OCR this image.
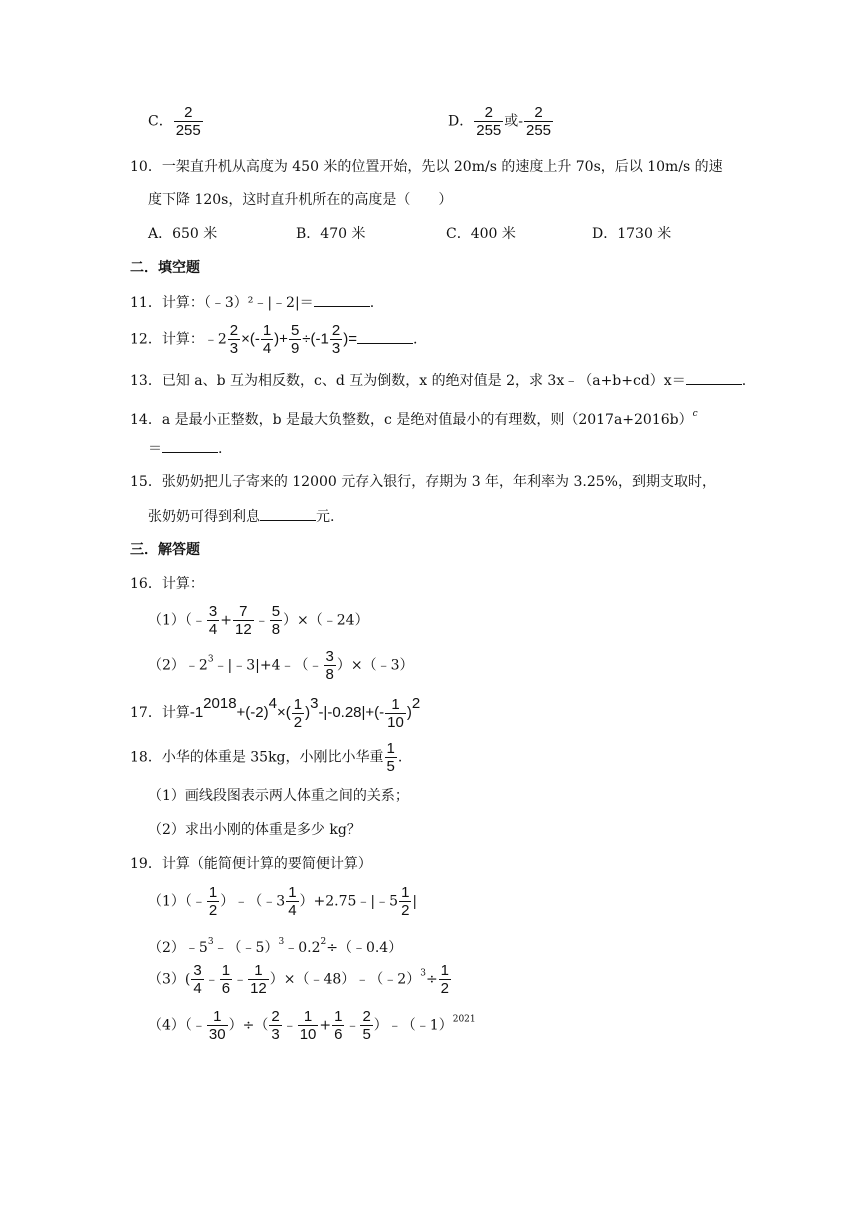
C． $\frac{2}{255}$	D． $\frac{2}{255}$ 或- $\frac{2}{255}$
10．一架直升机从高度为 450 米的位置开始，先以 20m/s 的速度上升 70s，后以 10m/s 的速
度下降 120s，这时直升机所在的高度是（　　）
A．650 米	B．470 米	C．400 米	D．1730 米
二．填空题
11．计算：（﹣3）²﹣|﹣2|＝	.
12．计算：﹣2 $\frac{2}{3}$ ×(- $\frac{1}{4}$ )+ $\frac{5}{9} \div(-1 \frac{2}{3}$ )=	.
13．已知 a、b 互为相反数，c、d 互为倒数，x 的绝对值是 2，求 3x﹣（a+b+cd）x＝	.
14．a 是最小正整数，b 是最大负整数，c 是绝对值最小的有理数，则$(2017a+2016b)^c$
＝	.
15．张奶奶把儿子寄来的 12000 元存入银行，存期为 3 年，年利率为 3.25%，到期支取时，
张奶奶可得到利息	元.
三．解答题
16．计算：
（1）（﹣ $\frac{3}{4} + \frac{7}{12}$ ﹣ $\frac{5}{8}$ ）×（﹣24）
$(2)﹣2^3﹣|﹣3|+4﹣(﹣ \frac{3}{8}$ ）×（﹣3）
17．计算$-12018+(-2)4\times( \frac{1}{2} )3-|-0.28|+(- \frac{1}{10} )2$
18．小华的体重是 35kg，小刚比小华重 $\frac{1}{5}$ .
（1）画线段图表示两人体重之间的关系；
（2）求出小刚的体重是多少 kg？
19．计算（能简便计算的要简便计算）
（1）（﹣ $\frac{1}{2}$ ）﹣（﹣3 $\frac{1}{4}$ ）+2.75﹣|﹣5 $\frac{1}{2}$ |
$(2)﹣5^3﹣(﹣5)^3﹣0.2^2\div(﹣0.4)$
$(3)( \frac{3}{4}$ ﹣ $\frac{1}{6}$ ﹣ $\frac{1}{12}$ ）×（﹣48）﹣（﹣2）$^3$÷ $\frac{1}{2}$
（4）（﹣ $\frac{1}{30}$ ）÷（ $\frac{2}{3}$ ﹣ $\frac{1}{10} + \frac{1}{6}$ ﹣ $\frac{2}{5}$ ）﹣（﹣1）$^{2021}$
